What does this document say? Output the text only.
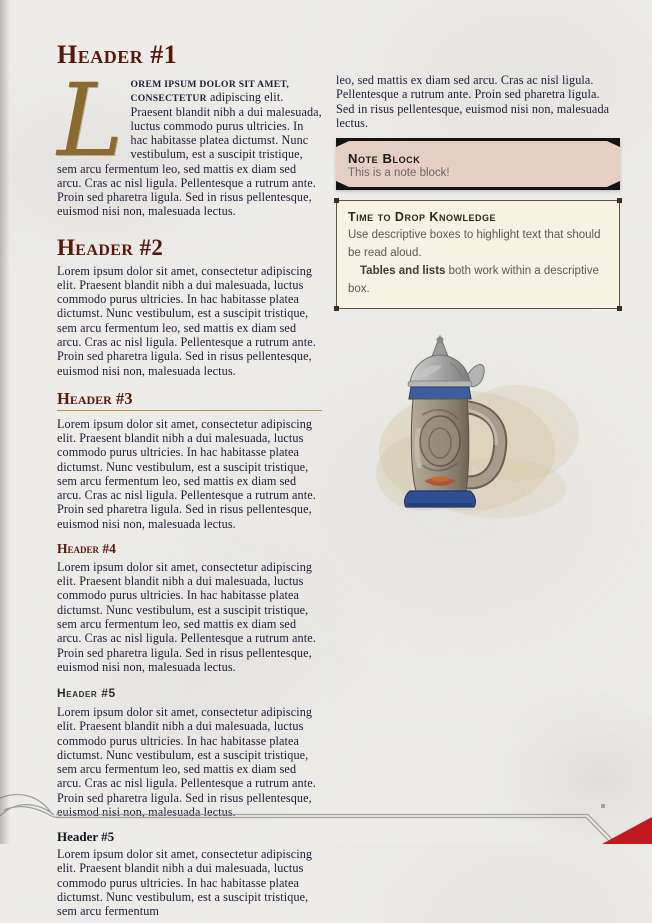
Header #1

LOREM IPSUM DOLOR SIT AMET, CONSECTETUR adipiscing elit. Praesent blandit nibh a dui malesuada, luctus commodo purus ultricies. In hac habitasse platea dictumst. Nunc vestibulum, est a suscipit tristique, sem arcu fermentum leo, sed mattis ex diam sed arcu. Cras ac nisl ligula. Pellentesque a rutrum ante. Proin sed pharetra ligula. Sed in risus pellentesque, euismod nisi non, malesuada lectus.

Header #2

Lorem ipsum dolor sit amet, consectetur adipiscing elit. Praesent blandit nibh a dui malesuada, luctus commodo purus ultricies. In hac habitasse platea dictumst. Nunc vestibulum, est a suscipit tristique, sem arcu fermentum leo, sed mattis ex diam sed arcu. Cras ac nisl ligula. Pellentesque a rutrum ante. Proin sed pharetra ligula. Sed in risus pellentesque, euismod nisi non, malesuada lectus.

Header #3

Lorem ipsum dolor sit amet, consectetur adipiscing elit. Praesent blandit nibh a dui malesuada, luctus commodo purus ultricies. In hac habitasse platea dictumst. Nunc vestibulum, est a suscipit tristique, sem arcu fermentum leo, sed mattis ex diam sed arcu. Cras ac nisl ligula. Pellentesque a rutrum ante. Proin sed pharetra ligula. Sed in risus pellentesque, euismod nisi non, malesuada lectus.

Header #4

Lorem ipsum dolor sit amet, consectetur adipiscing elit. Praesent blandit nibh a dui malesuada, luctus commodo purus ultricies. In hac habitasse platea dictumst. Nunc vestibulum, est a suscipit tristique, sem arcu fermentum leo, sed mattis ex diam sed arcu. Cras ac nisl ligula. Pellentesque a rutrum ante. Proin sed pharetra ligula. Sed in risus pellentesque, euismod nisi non, malesuada lectus.

Header #5

Lorem ipsum dolor sit amet, consectetur adipiscing elit. Praesent blandit nibh a dui malesuada, luctus commodo purus ultricies. In hac habitasse platea dictumst. Nunc vestibulum, est a suscipit tristique, sem arcu fermentum leo, sed mattis ex diam sed arcu. Cras ac nisl ligula. Pellentesque a rutrum ante. Proin sed pharetra ligula. Sed in risus pellentesque, euismod nisi non, malesuada lectus.

Header #5

Lorem ipsum dolor sit amet, consectetur adipiscing elit. Praesent blandit nibh a dui malesuada, luctus commodo purus ultricies. In hac habitasse platea dictumst. Nunc vestibulum, est a suscipit tristique, sem arcu fermentum

leo, sed mattis ex diam sed arcu. Cras ac nisl ligula. Pellentesque a rutrum ante. Proin sed pharetra ligula. Sed in risus pellentesque, euismod nisi non, malesuada lectus.

Note Block
This is a note block!
Time to Drop Knowledge
Use descriptive boxes to highlight text that should be read aloud.
Tables and lists both work within a descriptive box.
